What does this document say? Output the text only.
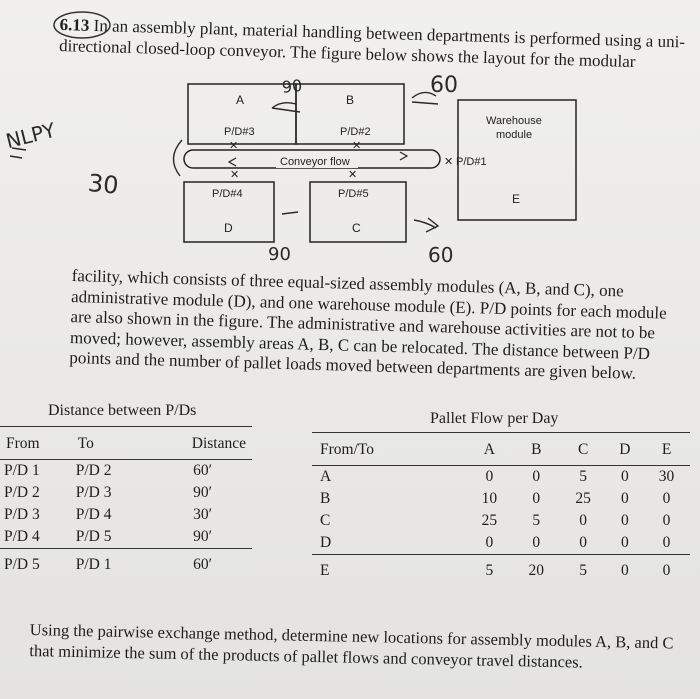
6.13 In an assembly plant, material handling between departments is performed using a uni-directional closed-loop conveyor. The figure below shows the layout for the modular
A
P/D#3
✕
B
P/D#2
✕
Warehouse
module
✕ P/D#1
E
Conveyor flow
✕
P/D#4
D
✕
P/D#5
C
90	60
30
NLPY
90	60
facility, which consists of three equal-sized assembly modules (A, B, and C), one administrative module (D), and one warehouse module (E). P/D points for each module are also shown in the figure. The administrative and warehouse activities are not to be moved; however, assembly areas A, B, C can be relocated. The distance between P/D points and the number of pallet loads moved between departments are given below.
Distance between P/Ds
From	To	Distance
P/D 1	P/D 2	60′
P/D 2	P/D 3	90′
P/D 3	P/D 4	30′
P/D 4	P/D 5	90′
P/D 5	P/D 1	60′
Pallet Flow per Day
From/To	A	B	C	D	E
A	0	0	5	0	30
B	10	0	25	0	0
C	25	5	0	0	0
D	0	0	0	0	0
E	5	20	5	0	0
Using the pairwise exchange method, determine new locations for assembly modules A, B, and C that minimize the sum of the products of pallet flows and conveyor travel distances.
